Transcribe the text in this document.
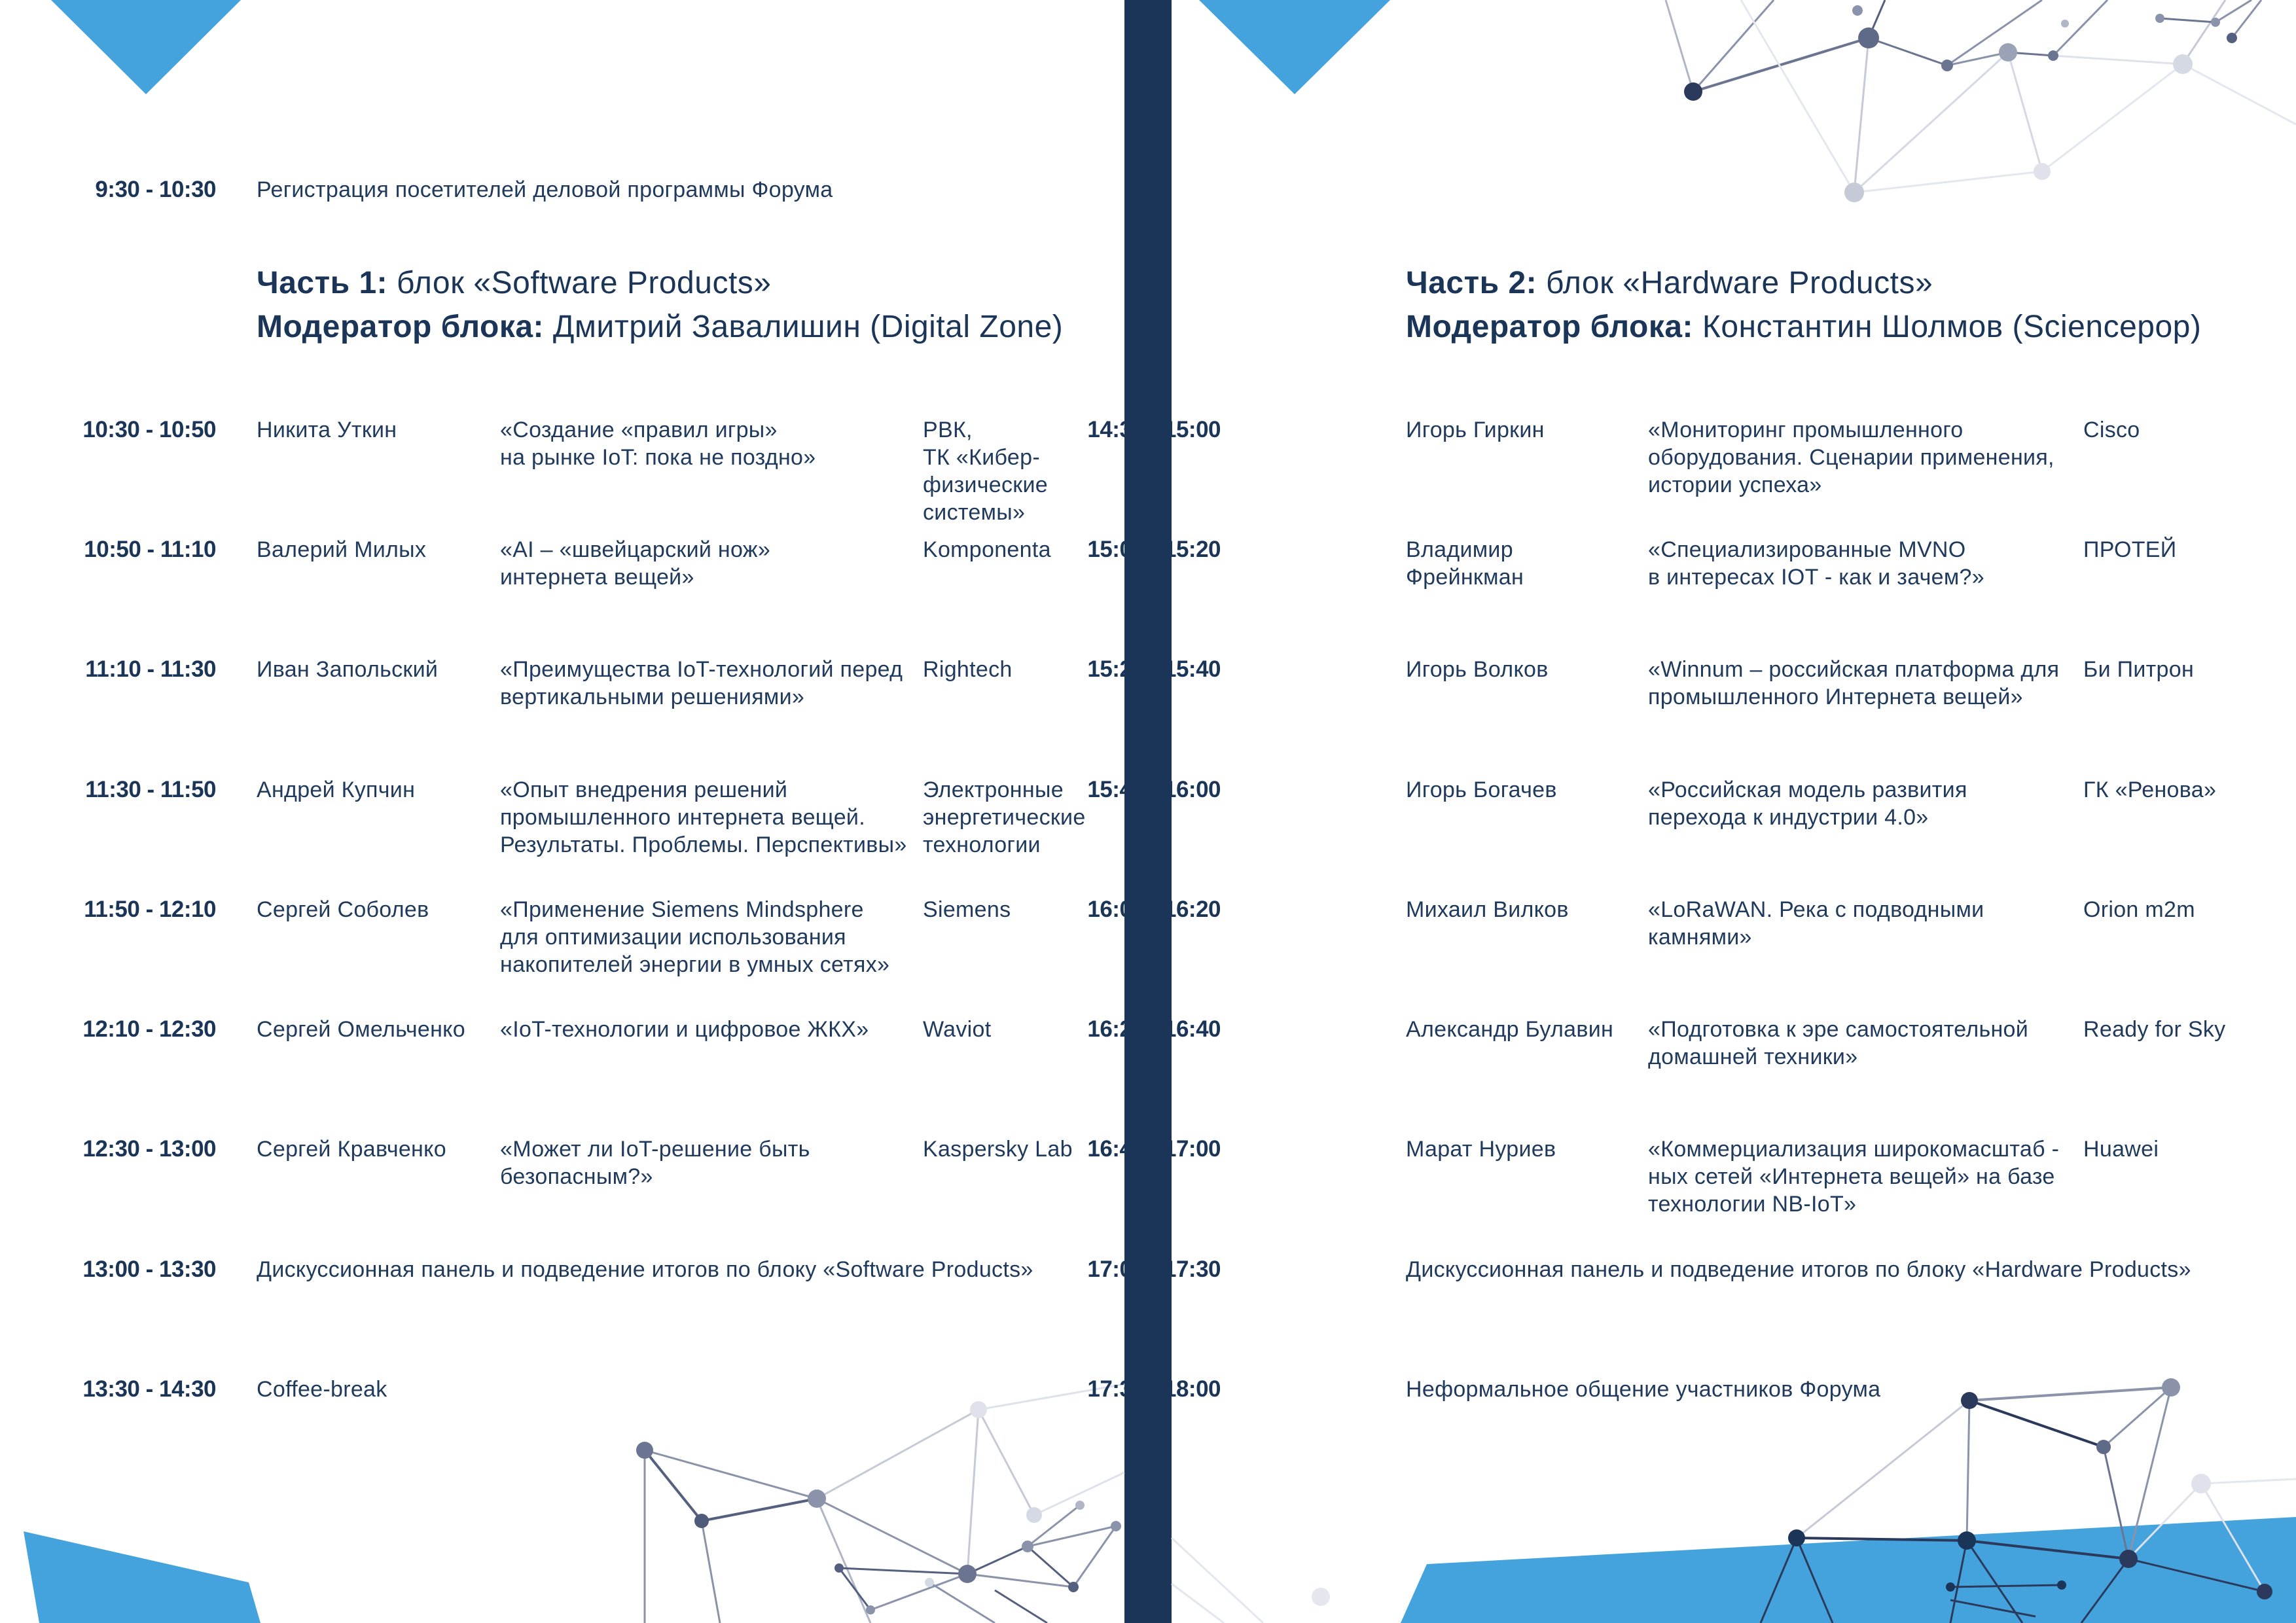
9:30 - 10:30 Регистрация посетителей деловой программы Форума
Часть 1: блок «Software Products»
Модератор блока: Дмитрий Завалишин (Digital Zone)
10:30 - 10:50 Никита Уткин	«Создание «правил игры»
на рынке IoT: пока не поздно»
РВК,
ТК «Кибер-
физические
системы»
10:50 - 11:10 Валерий Милых	«AI – «швейцарский нож»
интернета вещей»
Komponenta
11:10 - 11:30 Иван Запольский	«Преимущества IoT-технологий перед
вертикальными решениями»
Rightech
11:30 - 11:50 Андрей Купчин	«Опыт внедрения решений
промышленного интернета вещей.
Результаты. Проблемы. Перспективы»
Электронные
энергетические
технологии
11:50 - 12:10 Сергей Соболев	«Применение Siemens Mindsphere
для оптимизации использования
накопителей энергии в умных сетях»
Siemens
12:10 - 12:30 Сергей Омельченко «IoT-технологии и цифровое ЖКХ» Waviot
12:30 - 13:00 Сергей Кравченко «Может ли IoT-решение быть
безопасным?»
Kaspersky Lab
13:00 - 13:30 Дискуссионная панель и подведение итогов по блоку «Software Products»
13:30 - 14:30 Coffee-break
Часть 2: блок «Hardware Products»
Модератор блока: Константин Шолмов (Sciencepop)
14:30 - 15:00	Игорь Гиркин	«Мониторинг промышленного
оборудования. Сценарии применения,
истории успеха»
Cisco
15:00 - 15:20	Владимир
Фрейнкман
«Специализированные MVNO
в интересах IOT - как и зачем?»
ПРОТЕЙ
15:20 - 15:40	Игорь Волков	«Winnum – российская платформа для
промышленного Интернета вещей»
Би Питрон
15:40 - 16:00	Игорь Богачев	«Российская модель развития
перехода к индустрии 4.0»
ГК «Ренова»
16:00 - 16:20	Михаил Вилков	«LoRaWAN. Река с подводными
камнями»
Orion m2m
16:20 - 16:40	Александр Булавин «Подготовка к эре самостоятельной
домашней техники»
Ready for Sky
16:40 - 17:00	Марат Нуриев	«Коммерциализация широкомасштаб -
ных сетей «Интернета вещей» на базе
технологии NB-IoT»
Huawei
17:00 - 17:30	Дискуссионная панель и подведение итогов по блоку «Hardware Products»
17:30 - 18:00	Неформальное общение участников Форума
